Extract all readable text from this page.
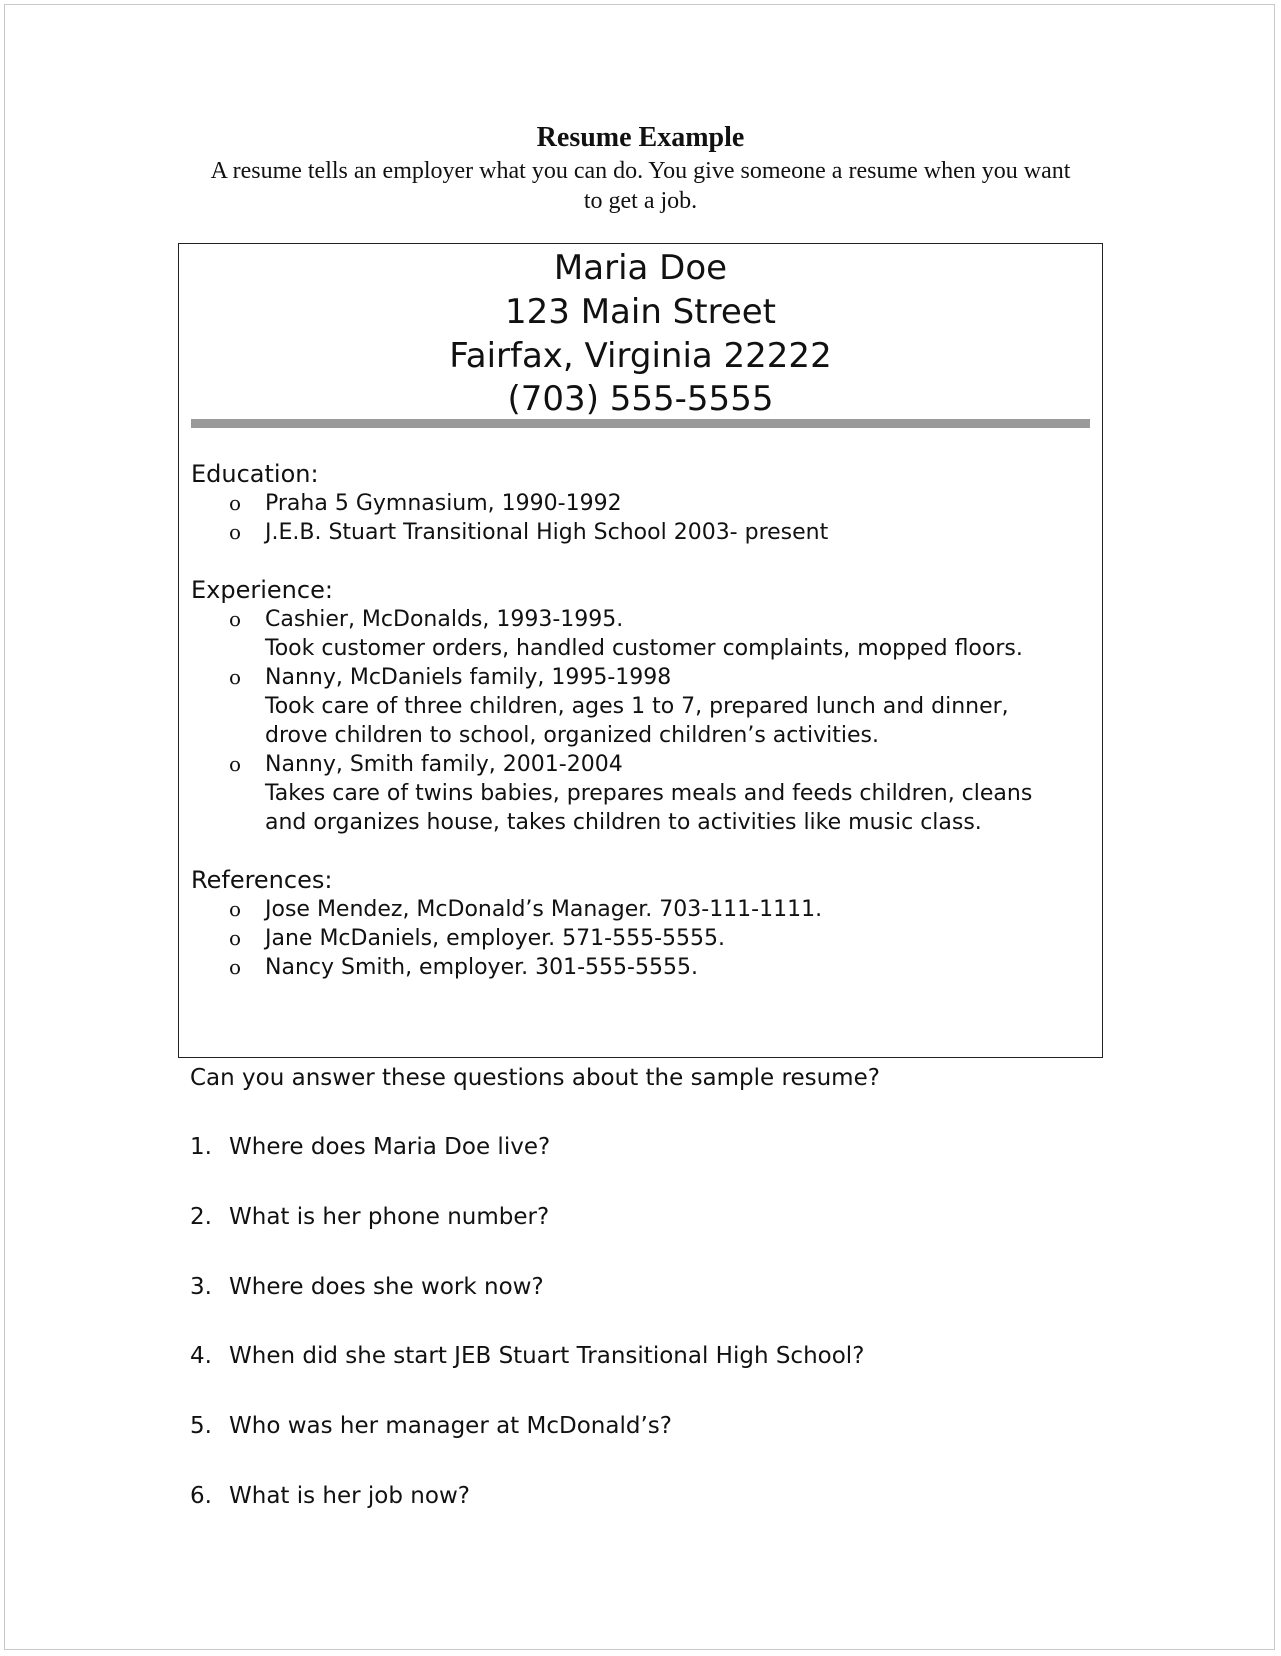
Resume Example
A resume tells an employer what you can do. You give someone a resume when you want to get a job.
Maria Doe
123 Main Street
Fairfax, Virginia 22222
(703) 555-5555
Education:
o Praha 5 Gymnasium, 1990-1992
o J.E.B. Stuart Transitional High School 2003- present
Experience:
o Cashier, McDonalds, 1993-1995.
Took customer orders, handled customer complaints, mopped floors.
o Nanny, McDaniels family, 1995-1998
Took care of three children, ages 1 to 7, prepared lunch and dinner,
drove children to school, organized children’s activities.
o Nanny, Smith family, 2001-2004
Takes care of twins babies, prepares meals and feeds children, cleans
and organizes house, takes children to activities like music class.
References:
o Jose Mendez, McDonald’s Manager. 703-111-1111.
o Jane McDaniels, employer. 571-555-5555.
o Nancy Smith, employer. 301-555-5555.
Can you answer these questions about the sample resume?
1. Where does Maria Doe live?
2. What is her phone number?
3. Where does she work now?
4. When did she start JEB Stuart Transitional High School?
5. Who was her manager at McDonald’s?
6. What is her job now?
